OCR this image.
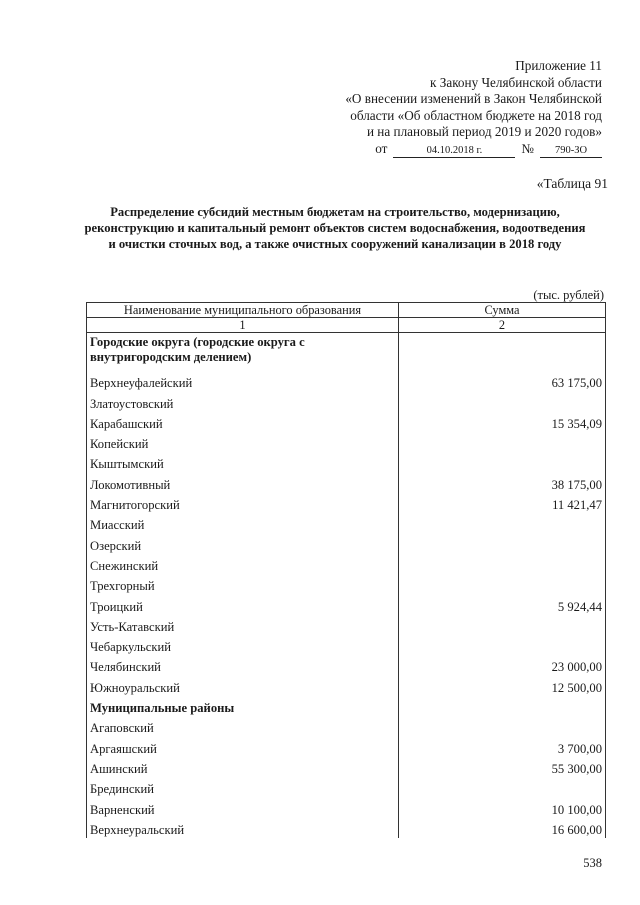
Приложение 11
к Закону Челябинской области
«О внесении изменений в Закон Челябинской
области «Об областном бюджете на 2018 год
и на плановый период 2019 и 2020 годов»
от	04.10.2018 г.	№	790-ЗО
«Таблица 91
Распределение субсидий местным бюджетам на строительство, модернизацию, реконструкцию и капитальный ремонт объектов систем водоснабжения, водоотведения и очистки сточных вод, а также очистных сооружений канализации в 2018 году
(тыс. рублей)
Наименование муниципального образования	Сумма
1	2
Городские округа (городские округа с внутригородским делением)	
Верхнеуфалейский	63 175,00
Златоустовский	
Карабашский	15 354,09
Копейский	
Кыштымский	
Локомотивный	38 175,00
Магнитогорский	11 421,47
Миасский	
Озерский	
Снежинский	
Трехгорный	
Троицкий	5 924,44
Усть-Катавский	
Чебаркульский	
Челябинский	23 000,00
Южноуральский	12 500,00
Муниципальные районы	
Агаповский	
Аргаяшский	3 700,00
Ашинский	55 300,00
Брединский	
Варненский	10 100,00
Верхнеуральский	16 600,00
538
